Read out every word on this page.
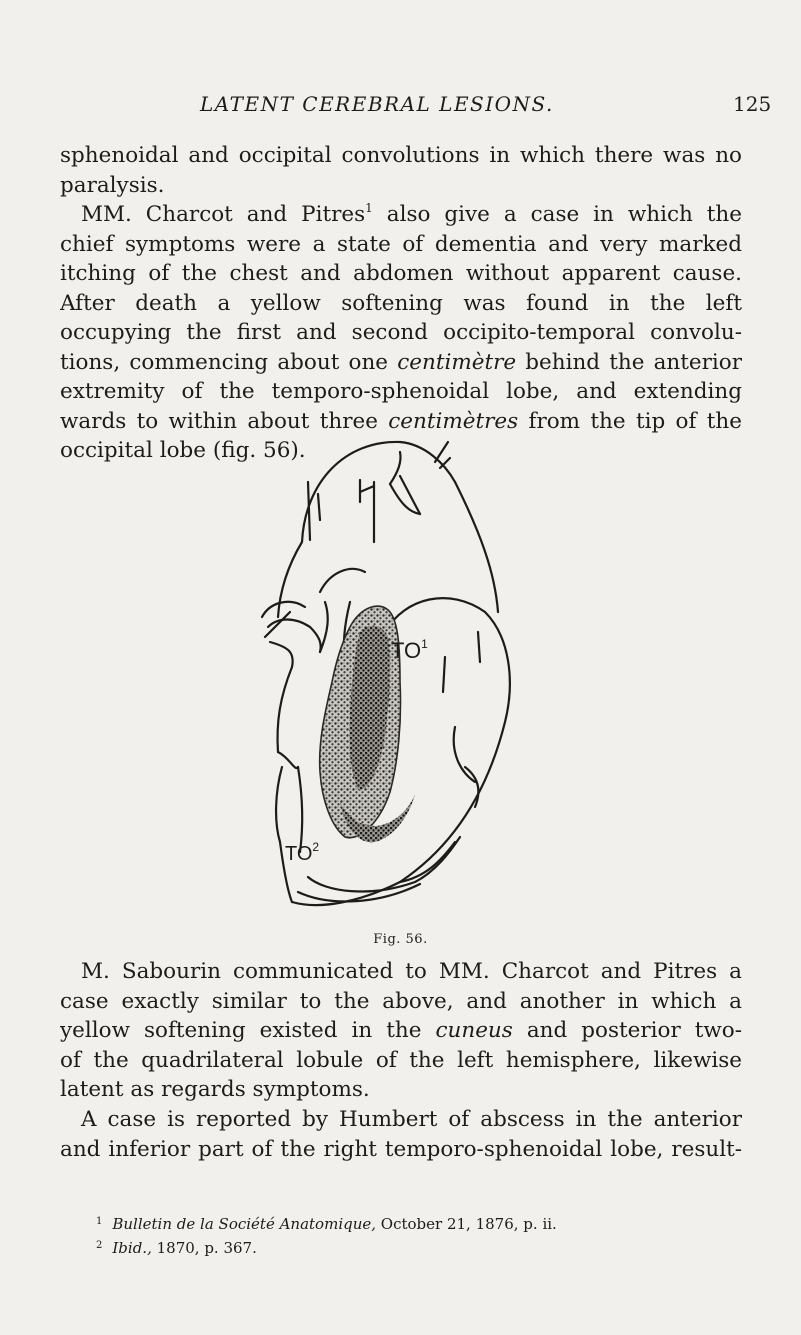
LATENT CEREBRAL LESIONS.	125
sphenoidal and occipital convolutions in which there was no
paralysis.
MM. Charcot and Pitres$^1$ also give a case in which the
chief symptoms were a state of dementia and very marked
itching of the chest and abdomen without apparent cause.
After death a yellow softening was found in the left
occupying the first and second occipito-temporal convolu-
tions, commencing about one centimètre behind the anterior
extremity of the temporo-sphenoidal lobe, and extending
wards to within about three centimètres from the tip of the
occipital lobe (fig. 56).
$TO^1$
$TO^2$
Fig. 56.
M. Sabourin communicated to MM. Charcot and Pitres a
case exactly similar to the above, and another in which a
yellow softening existed in the cuneus and posterior two-
of the quadrilateral lobule of the left hemisphere, likewise
latent as regards symptoms.
A case is reported by Humbert of abscess in the anterior
and inferior part of the right temporo-sphenoidal lobe, result-
$^1$ Bulletin de la Société Anatomique, October 21, 1876, p. ii.
$^2$ Ibid., 1870, p. 367.
